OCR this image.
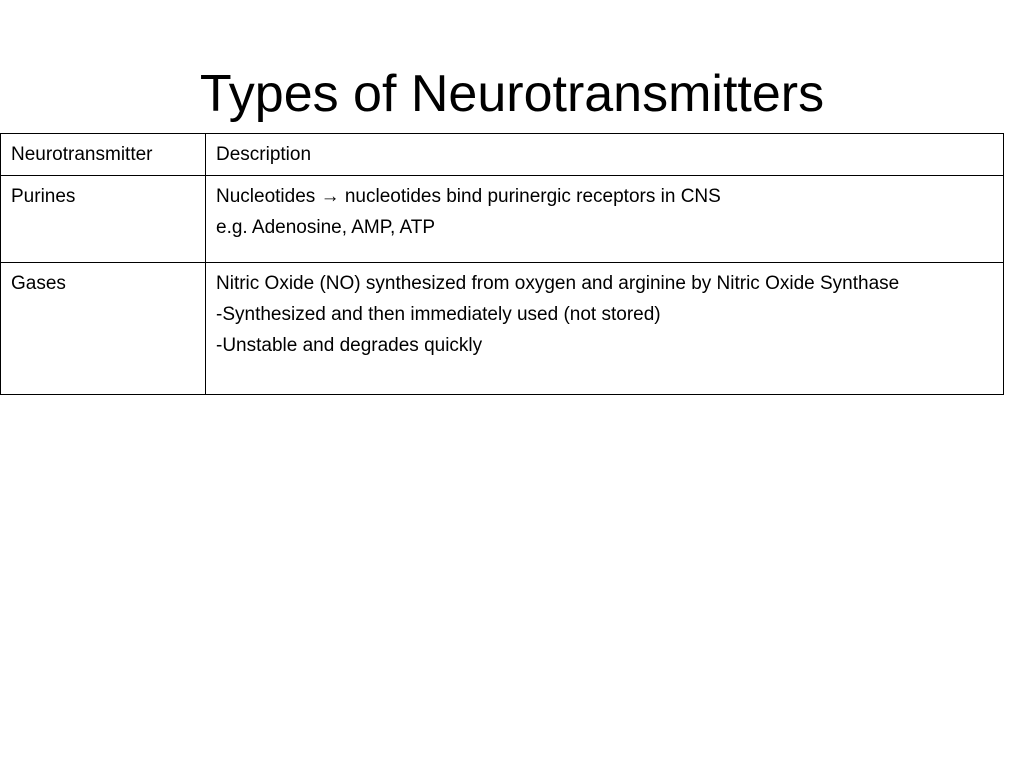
Types of Neurotransmitters
Neurotransmitter	Description
Purines	Nucleotides → nucleotides bind purinergic receptors in CNS
e.g. Adenosine, AMP, ATP

Gases	Nitric Oxide (NO) synthesized from oxygen and arginine by Nitric Oxide Synthase
-Synthesized and then immediately used (not stored)
-Unstable and degrades quickly
